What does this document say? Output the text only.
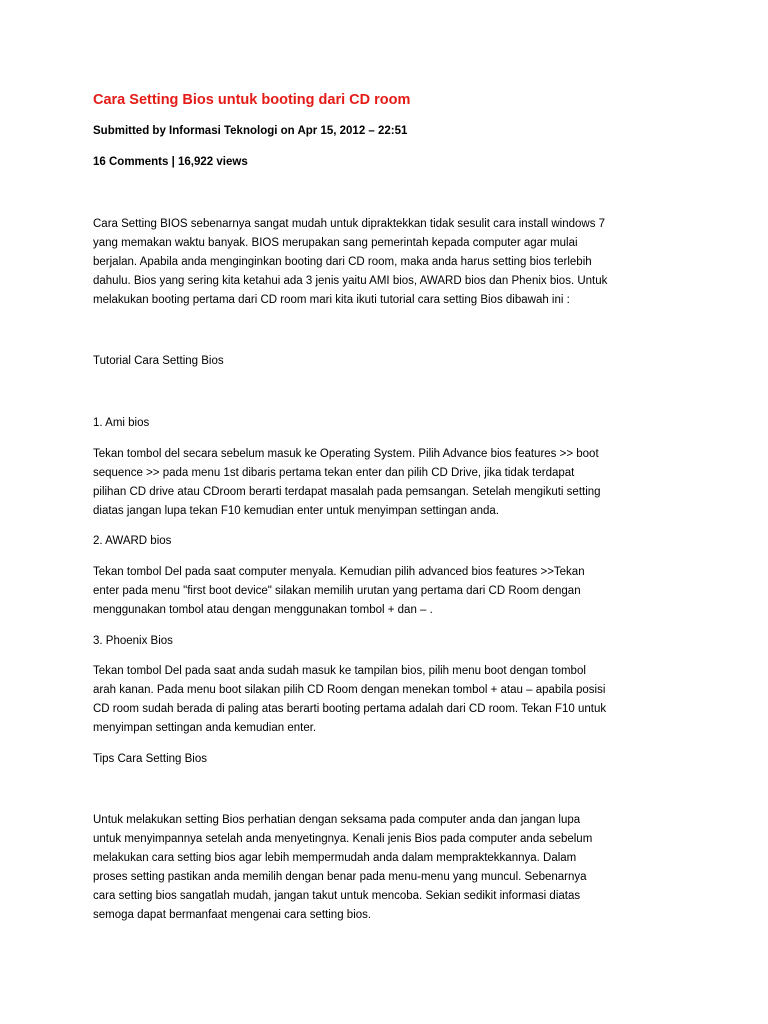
Cara Setting Bios untuk booting dari CD room

Submitted by Informasi Teknologi on Apr 15, 2012 – 22:51

16 Comments | 16,922 views

Cara Setting BIOS sebenarnya sangat mudah untuk dipraktekkan tidak sesulit cara install windows 7

yang memakan waktu banyak. BIOS merupakan sang pemerintah kepada computer agar mulai

berjalan. Apabila anda menginginkan booting dari CD room, maka anda harus setting bios terlebih

dahulu. Bios yang sering kita ketahui ada 3 jenis yaitu AMI bios, AWARD bios dan Phenix bios. Untuk

melakukan booting pertama dari CD room mari kita ikuti tutorial cara setting Bios dibawah ini :

Tutorial Cara Setting Bios

1. Ami bios

Tekan tombol del secara sebelum masuk ke Operating System. Pilih Advance bios features >> boot

sequence >> pada menu 1st dibaris pertama tekan enter dan pilih CD Drive, jika tidak terdapat

pilihan CD drive atau CDroom berarti terdapat masalah pada pemsangan. Setelah mengikuti setting

diatas jangan lupa tekan F10 kemudian enter untuk menyimpan settingan anda.

2. AWARD bios

Tekan tombol Del pada saat computer menyala. Kemudian pilih advanced bios features >>Tekan

enter pada menu "first boot device" silakan memilih urutan yang pertama dari CD Room dengan

menggunakan tombol atau dengan menggunakan tombol + dan – .

3. Phoenix Bios

Tekan tombol Del pada saat anda sudah masuk ke tampilan bios, pilih menu boot dengan tombol

arah kanan. Pada menu boot silakan pilih CD Room dengan menekan tombol + atau – apabila posisi

CD room sudah berada di paling atas berarti booting pertama adalah dari CD room. Tekan F10 untuk

menyimpan settingan anda kemudian enter.

Tips Cara Setting Bios

Untuk melakukan setting Bios perhatian dengan seksama pada computer anda dan jangan lupa

untuk menyimpannya setelah anda menyetingnya. Kenali jenis Bios pada computer anda sebelum

melakukan cara setting bios agar lebih mempermudah anda dalam mempraktekkannya. Dalam

proses setting pastikan anda memilih dengan benar pada menu-menu yang muncul. Sebenarnya

cara setting bios sangatlah mudah, jangan takut untuk mencoba. Sekian sedikit informasi diatas

semoga dapat bermanfaat mengenai cara setting bios.
